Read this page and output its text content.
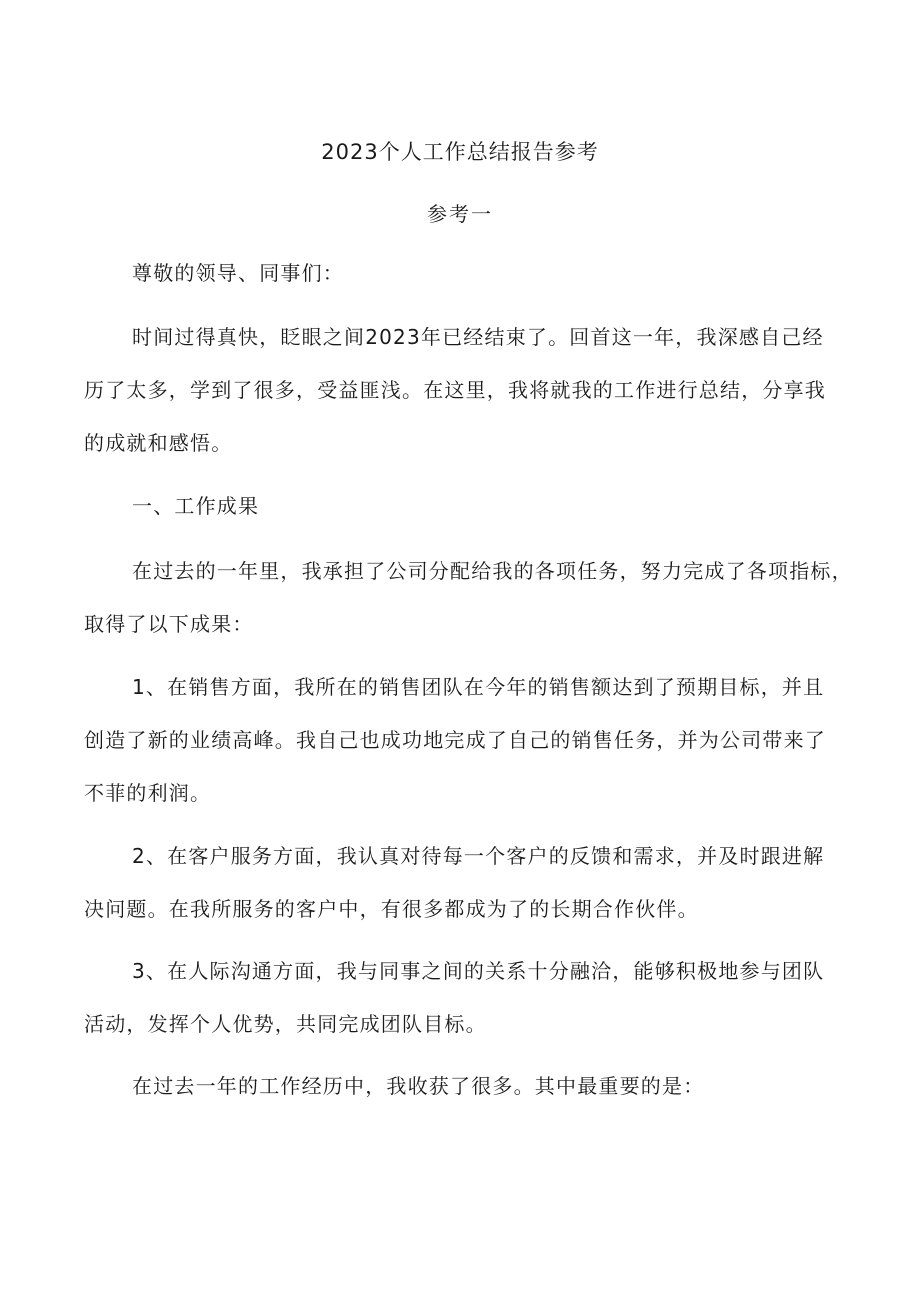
2023个人工作总结报告参考
参考一
尊敬的领导、同事们：
时间过得真快，眨眼之间2023年已经结束了。回首这一年，我深感自己经
历了太多，学到了很多，受益匪浅。在这里，我将就我的工作进行总结，分享我
的成就和感悟。
一、工作成果
在过去的一年里，我承担了公司分配给我的各项任务，努力完成了各项指标，
取得了以下成果：
1、在销售方面，我所在的销售团队在今年的销售额达到了预期目标，并且
创造了新的业绩高峰。我自己也成功地完成了自己的销售任务，并为公司带来了
不菲的利润。
2、在客户服务方面，我认真对待每一个客户的反馈和需求，并及时跟进解
决问题。在我所服务的客户中，有很多都成为了的长期合作伙伴。
3、在人际沟通方面，我与同事之间的关系十分融洽，能够积极地参与团队
活动，发挥个人优势，共同完成团队目标。
在过去一年的工作经历中，我收获了很多。其中最重要的是：
